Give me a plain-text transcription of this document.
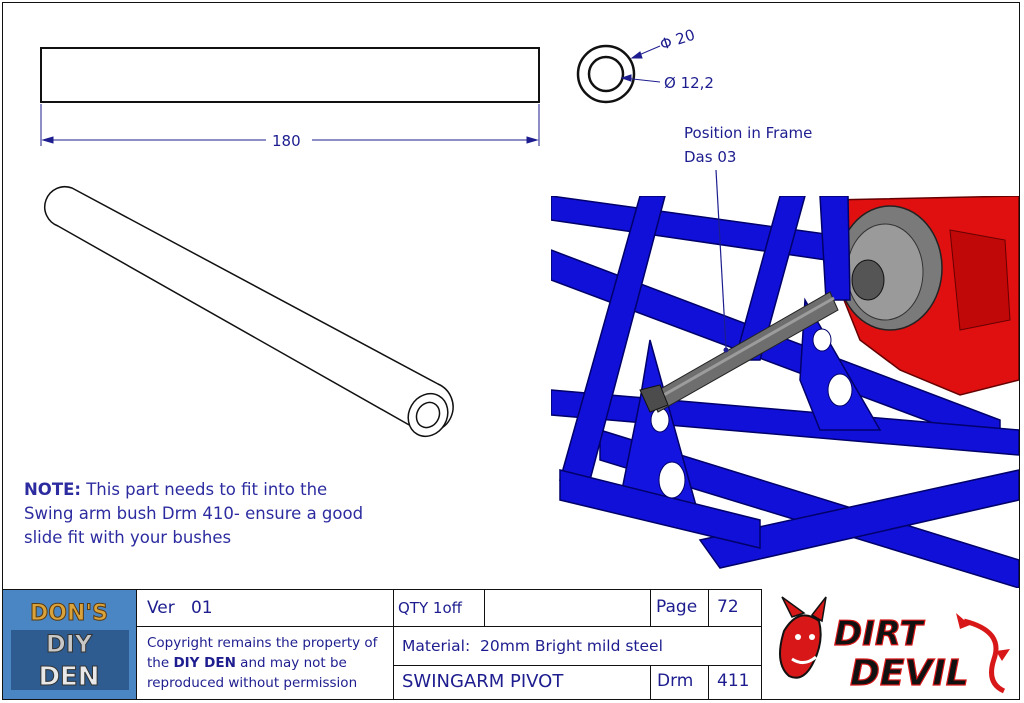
180
Φ 20
Ø 12,2
Position in Frame
Das 03
NOTE: This part needs to fit into the Swing arm bush Drm 410- ensure a good slide fit with your bushes
DON'S
DIY
DEN
Ver   01	QTY 1off	Page	72
Copyright remains the property of the DIY DEN and may not be reproduced without permission
Material:  20mm Bright mild steel
SWINGARM PIVOT	Drm	411
DIRT
DEVIL
